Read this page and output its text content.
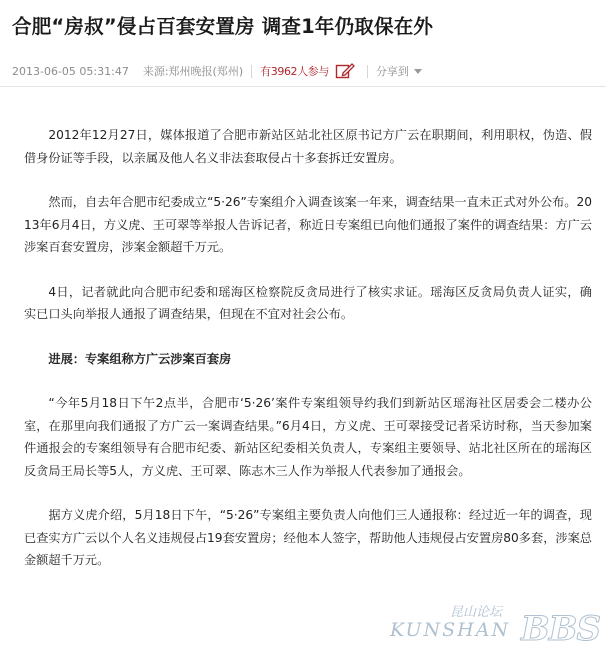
合肥“房叔”侵占百套安置房 调查1年仍取保在外
2013-06-05 05:31:47 来源: 郑州晚报(郑州) 有3962人参与	分享到

2012年12月27日，媒体报道了合肥市新站区站北社区原书记方广云在职期间，利用职权，伪造、假借身份证等手段，以亲属及他人名义非法套取侵占十多套拆迁安置房。

然而，自去年合肥市纪委成立“5·26”专案组介入调查该案一年来，调查结果一直未正式对外公布。2013年6月4日，方义虎、王可翠等举报人告诉记者，称近日专案组已向他们通报了案件的调查结果：方广云涉案百套安置房，涉案金额超千万元。

4日，记者就此向合肥市纪委和瑶海区检察院反贪局进行了核实求证。瑶海区反贪局负责人证实，确实已口头向举报人通报了调查结果，但现在不宜对社会公布。

进展：专案组称方广云涉案百套房

“今年5月18日下午2点半，合肥市‘5·26’案件专案组领导约我们到新站区瑶海社区居委会二楼办公室，在那里向我们通报了方广云一案调查结果。”6月4日，方义虎、王可翠接受记者采访时称，当天参加案件通报会的专案组领导有合肥市纪委、新站区纪委相关负责人，专案组主要领导、站北社区所在的瑶海区反贪局王局长等5人，方义虎、王可翠、陈志木三人作为举报人代表参加了通报会。

据方义虎介绍，5月18日下午，“5·26”专案组主要负责人向他们三人通报称：经过近一年的调查，现已查实方广云以个人名义违规侵占19套安置房；经他本人签字，帮助他人违规侵占安置房80多套，涉案总金额超千万元。

昆山论坛
KUNSHAN BBS
